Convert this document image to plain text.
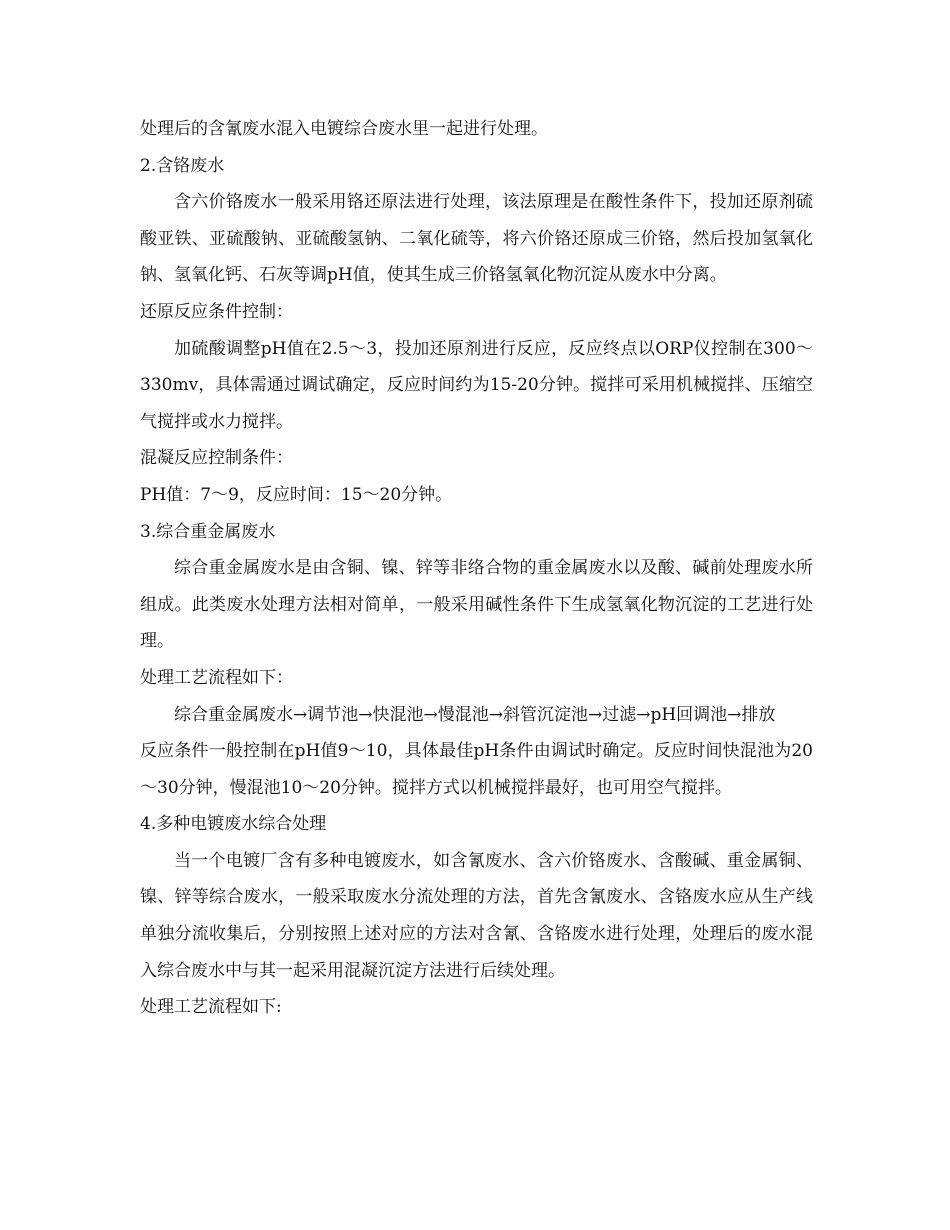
处理后的含氰废水混入电镀综合废水里一起进行处理。

2.含铬废水

含六价铬废水一般采用铬还原法进行处理，该法原理是在酸性条件下，投加还原剂硫酸亚铁、亚硫酸钠、亚硫酸氢钠、二氧化硫等，将六价铬还原成三价铬，然后投加氢氧化钠、氢氧化钙、石灰等调pH值，使其生成三价铬氢氧化物沉淀从废水中分离。

还原反应条件控制：

加硫酸调整pH值在2.5～3，投加还原剂进行反应，反应终点以ORP仪控制在300～330mv，具体需通过调试确定，反应时间约为15-20分钟。搅拌可采用机械搅拌、压缩空气搅拌或水力搅拌。

混凝反应控制条件：

PH值：7～9，反应时间：15～20分钟。

3.综合重金属废水

综合重金属废水是由含铜、镍、锌等非络合物的重金属废水以及酸、碱前处理废水所组成。此类废水处理方法相对简单，一般采用碱性条件下生成氢氧化物沉淀的工艺进行处理。

处理工艺流程如下：

综合重金属废水→调节池→快混池→慢混池→斜管沉淀池→过滤→pH回调池→排放

反应条件一般控制在pH值9～10，具体最佳pH条件由调试时确定。反应时间快混池为20～30分钟，慢混池10～20分钟。搅拌方式以机械搅拌最好，也可用空气搅拌。

4.多种电镀废水综合处理

当一个电镀厂含有多种电镀废水，如含氰废水、含六价铬废水、含酸碱、重金属铜、镍、锌等综合废水，一般采取废水分流处理的方法，首先含氰废水、含铬废水应从生产线单独分流收集后，分别按照上述对应的方法对含氰、含铬废水进行处理，处理后的废水混入综合废水中与其一起采用混凝沉淀方法进行后续处理。

处理工艺流程如下:
